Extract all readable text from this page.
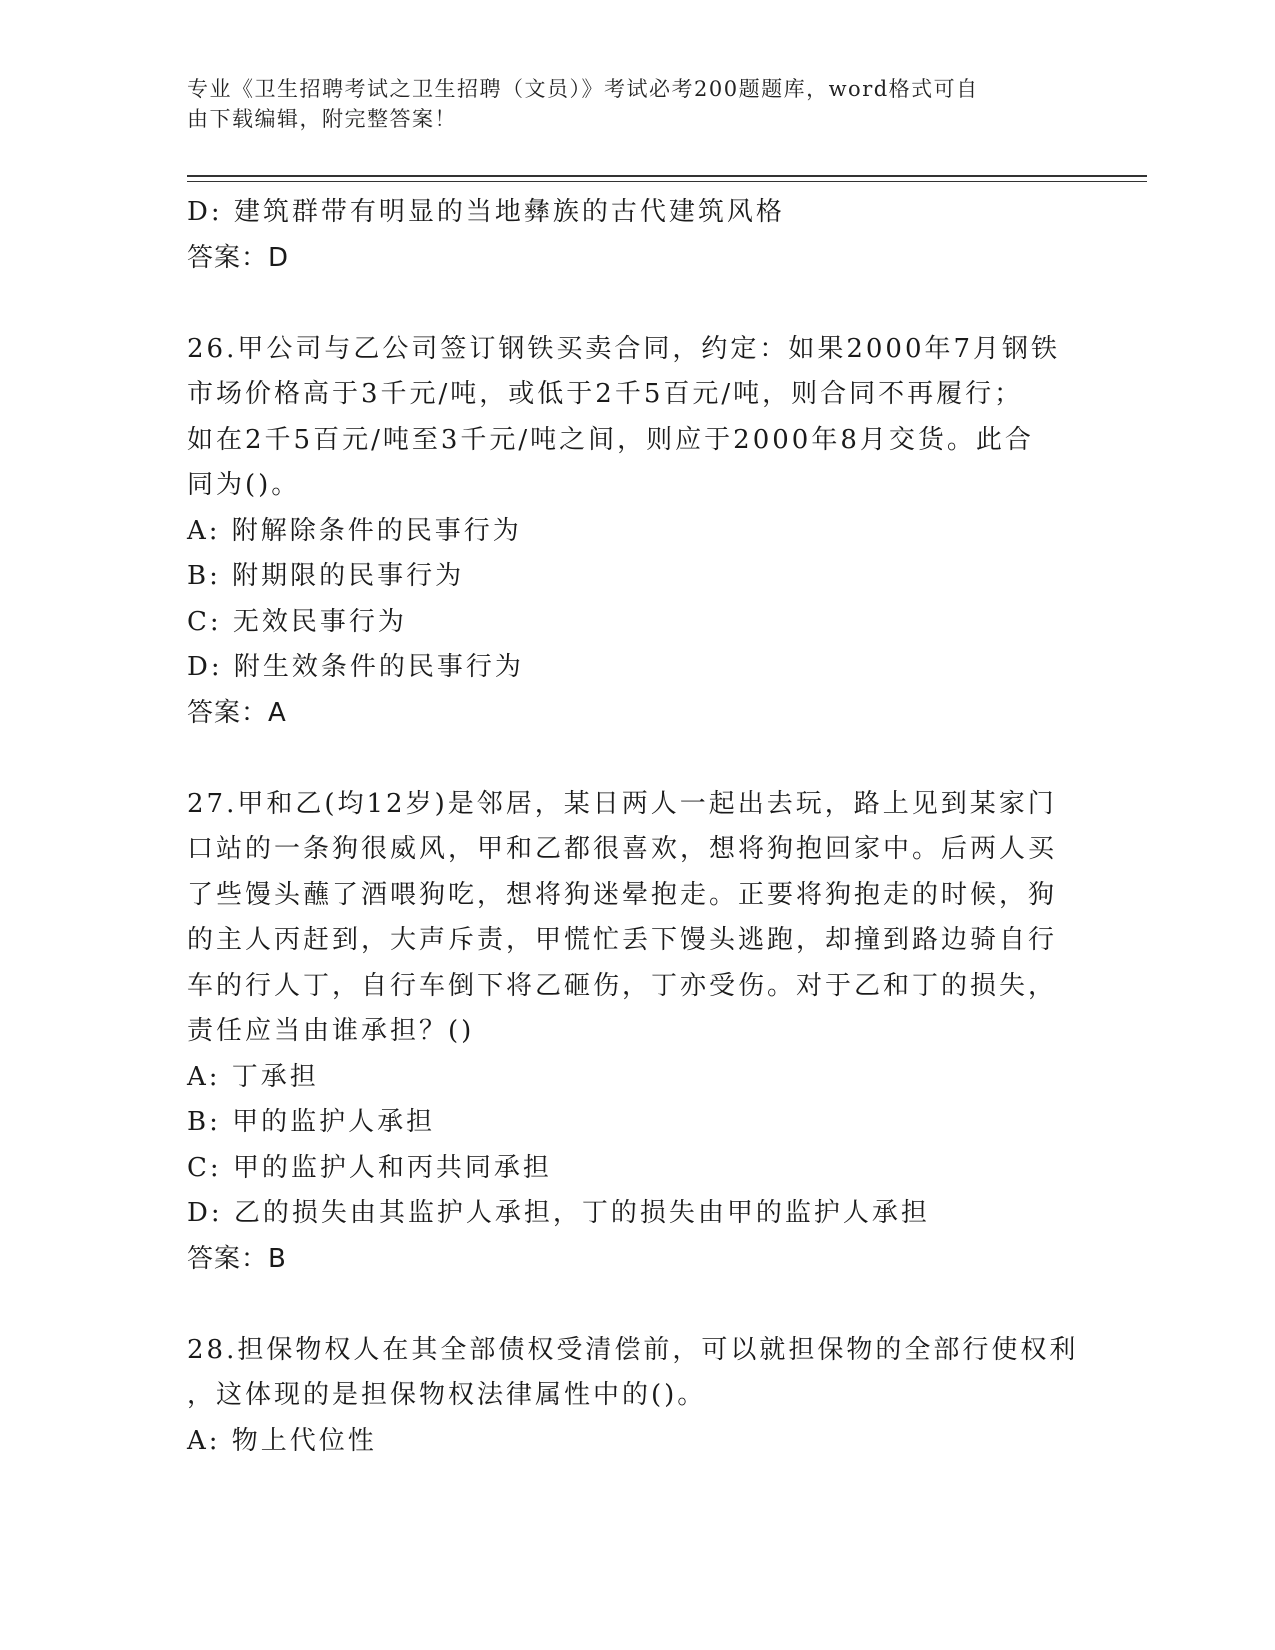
专业《卫生招聘考试之卫生招聘（文员）》考试必考200题题库，word格式可自
由下载编辑，附完整答案！
D: 建筑群带有明显的当地彝族的古代建筑风格
答案：D
26.甲公司与乙公司签订钢铁买卖合同，约定：如果2000年7月钢铁
市场价格高于3千元/吨，或低于2千5百元/吨，则合同不再履行；
如在2千5百元/吨至3千元/吨之间，则应于2000年8月交货。此合
同为()。
A: 附解除条件的民事行为
B: 附期限的民事行为
C: 无效民事行为
D: 附生效条件的民事行为
答案：A
27.甲和乙(均12岁)是邻居，某日两人一起出去玩，路上见到某家门
口站的一条狗很威风，甲和乙都很喜欢，想将狗抱回家中。后两人买
了些馒头蘸了酒喂狗吃，想将狗迷晕抱走。正要将狗抱走的时候，狗
的主人丙赶到，大声斥责，甲慌忙丢下馒头逃跑，却撞到路边骑自行
车的行人丁，自行车倒下将乙砸伤，丁亦受伤。对于乙和丁的损失，
责任应当由谁承担？()
A: 丁承担
B: 甲的监护人承担
C: 甲的监护人和丙共同承担
D: 乙的损失由其监护人承担，丁的损失由甲的监护人承担
答案：B
28.担保物权人在其全部债权受清偿前，可以就担保物的全部行使权利
，这体现的是担保物权法律属性中的()。
A: 物上代位性
